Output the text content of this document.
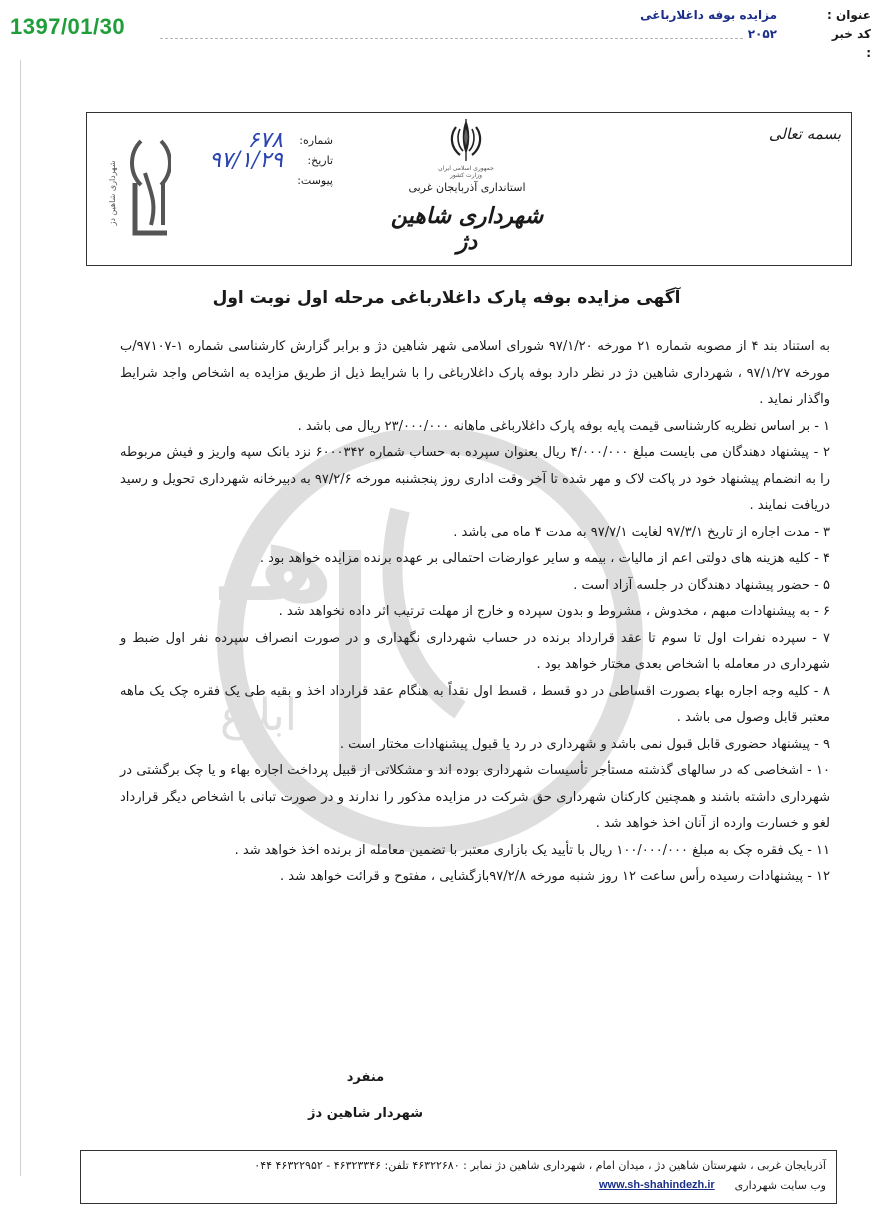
1397/01/30	عنوان :
مزایده بوفه داغلارباغی
کد خبر :
۲۰۵۲
بسمه تعالی
جمهوری اسلامی ایران وزارت کشور
استانداری آذربایجان غربی
شهرداری شاهین دژ
شماره:
۶۷۸
تاریخ:
۹۷/۱/۲۹
پیوست:
شهرداری شاهین دژ
آگهی مزایده بوفه پارک داغلارباغی مرحله اول نوبت اول
هـ
ابلاغ

به استناد بند ۴ از مصوبه شماره ۲۱ مورخه ۹۷/۱/۲۰ شورای اسلامی شهر شاهین دژ و برابر گزارش کارشناسی شماره ۱-۹۷۱۰۷/ب مورخه ۹۷/۱/۲۷ ، شهرداری شاهین دژ در نظر دارد بوفه پارک داغلارباغی را با شرایط ذیل از طریق مزایده به اشخاص واجد شرایط واگذار نماید .

۱ - بر اساس نظریه کارشناسی قیمت پایه بوفه پارک داغلارباغی ماهانه ۲۳/۰۰۰/۰۰۰ ریال می باشد .

۲ - پیشنهاد دهندگان می بایست مبلغ ۴/۰۰۰/۰۰۰ ریال بعنوان سپرده به حساب شماره ۶۰۰۰۳۴۲ نزد بانک سپه واریز و فیش مربوطه را به انضمام پیشنهاد خود در پاکت لاک و مهر شده تا آخر وقت اداری روز پنجشنبه مورخه ۹۷/۲/۶ به دبیرخانه شهرداری تحویل و رسید دریافت نمایند .

۳ - مدت اجاره از تاریخ ۹۷/۳/۱ لغایت ۹۷/۷/۱ به مدت ۴ ماه می باشد .

۴ - کلیه هزینه های دولتی اعم از مالیات ، بیمه و سایر عوارضات احتمالی بر عهده برنده مزایده خواهد بود .

۵ - حضور پیشنهاد دهندگان در جلسه آزاد است .

۶ - به پیشنهادات مبهم ، مخدوش ، مشروط و بدون سپرده و خارج از مهلت ترتیب اثر داده نخواهد شد .

۷ - سپرده نفرات اول تا سوم تا عقد قرارداد برنده در حساب شهرداری نگهداری و در صورت انصراف سپرده نفر اول ضبط و شهرداری در معامله با اشخاص بعدی مختار خواهد بود .

۸ - کلیه وجه اجاره بهاء بصورت اقساطی در دو قسط ، قسط اول نقداً به هنگام عقد قرارداد اخذ و بقیه طی یک فقره چک یک ماهه معتبر قابل وصول می باشد .

۹ - پیشنهاد حضوری قابل قبول نمی باشد و شهرداری در رد یا قبول پیشنهادات مختار است .

۱۰ - اشخاصی که در سالهای گذشته مستأجر تأسیسات شهرداری بوده اند و مشکلاتی از قبیل پرداخت اجاره بهاء و یا چک برگشتی در شهرداری داشته باشند و همچنین کارکنان شهرداری حق شرکت در مزایده مذکور را ندارند و در صورت تبانی با اشخاص دیگر قرارداد لغو و خسارت وارده از آنان اخذ خواهد شد .

۱۱ - یک فقره چک به مبلغ ۱۰۰/۰۰۰/۰۰۰ ریال با تأیید یک بازاری معتبر با تضمین معامله از برنده اخذ خواهد شد .

۱۲ - پیشنهادات رسیده رأس ساعت ۱۲ روز شنبه مورخه ۹۷/۲/۸بازگشایی ، مفتوح و قرائت خواهد شد .

منفرد
شهردار شاهین دژ
آذربایجان غربی ، شهرستان شاهین دژ ، میدان امام ، شهرداری شاهین دژ نمابر : ۴۶۳۲۲۶۸۰ تلفن: ۴۶۳۲۳۳۴۶ - ۴۶۳۲۲۹۵۲ ۰۴۴
وب سایت شهرداری
www.sh-shahindezh.ir
